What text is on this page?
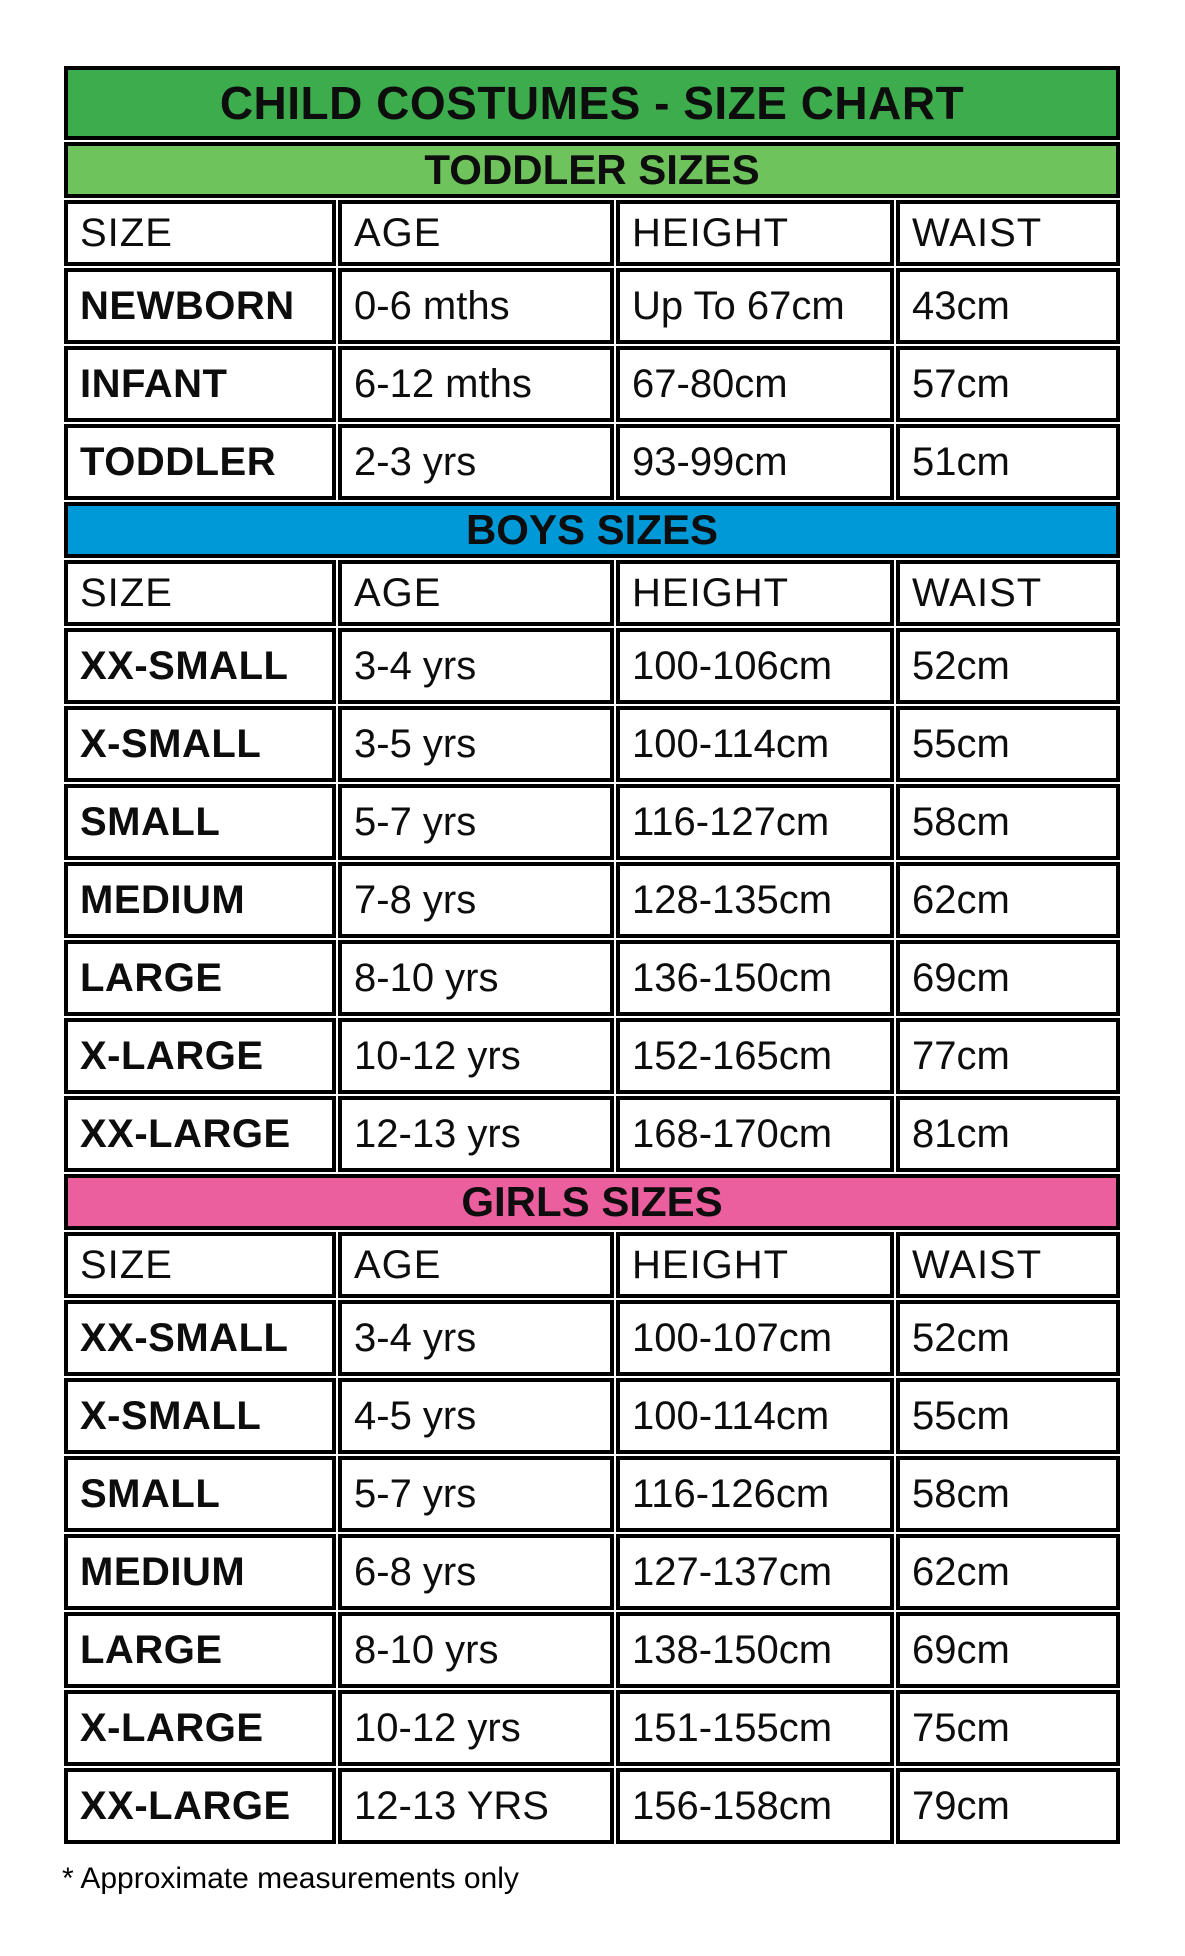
CHILD COSTUMES - SIZE CHART			
TODDLER SIZES			
SIZE	AGE	HEIGHT	WAIST
NEWBORN	0-6 mths	Up To 67cm	43cm
INFANT	6-12 mths	67-80cm	57cm
TODDLER	2-3 yrs	93-99cm	51cm
BOYS SIZES			
SIZE	AGE	HEIGHT	WAIST
XX-SMALL	3-4 yrs	100-106cm	52cm
X-SMALL	3-5 yrs	100-114cm	55cm
SMALL	5-7 yrs	116-127cm	58cm
MEDIUM	7-8 yrs	128-135cm	62cm
LARGE	8-10 yrs	136-150cm	69cm
X-LARGE	10-12 yrs	152-165cm	77cm
XX-LARGE	12-13 yrs	168-170cm	81cm
GIRLS SIZES			
SIZE	AGE	HEIGHT	WAIST
XX-SMALL	3-4 yrs	100-107cm	52cm
X-SMALL	4-5 yrs	100-114cm	55cm
SMALL	5-7 yrs	116-126cm	58cm
MEDIUM	6-8 yrs	127-137cm	62cm
LARGE	8-10 yrs	138-150cm	69cm
X-LARGE	10-12 yrs	151-155cm	75cm
XX-LARGE	12-13 YRS	156-158cm	79cm
* Approximate measurements only
